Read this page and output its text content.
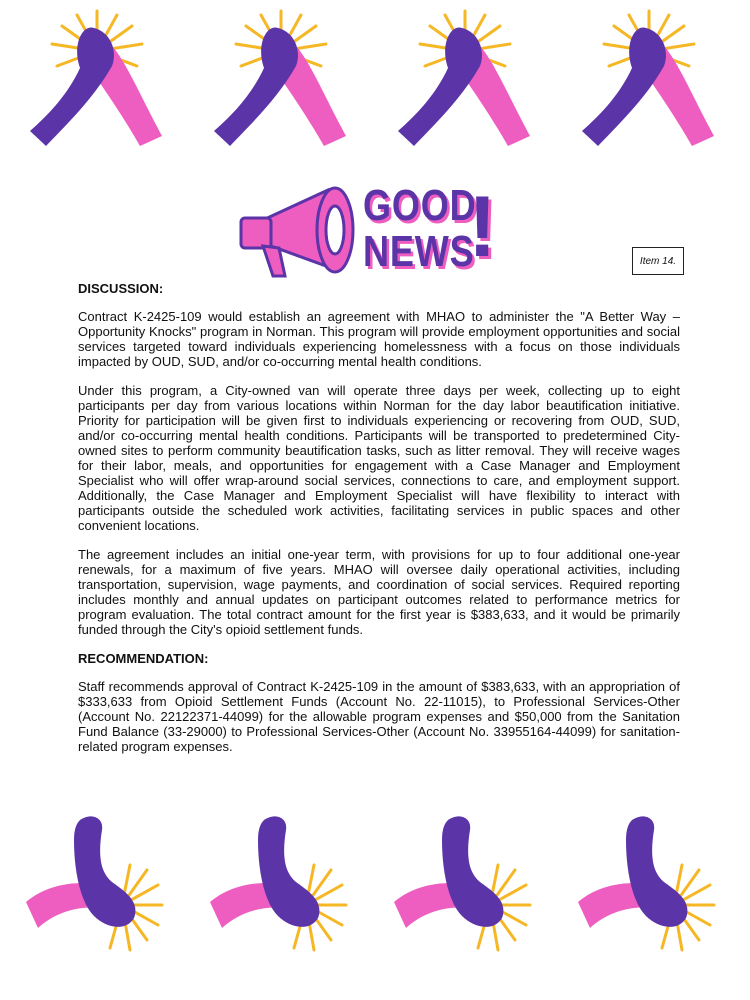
GOOD
NEWS
!	Item 14.
DISCUSSION:

Contract K-2425-109 would establish an agreement with MHAO to administer the "A Better Way – Opportunity Knocks" program in Norman. This program will provide employment opportunities and social services targeted toward individuals experiencing homelessness with a focus on those individuals impacted by OUD, SUD, and/or co-occurring mental health conditions.

Under this program, a City-owned van will operate three days per week, collecting up to eight participants per day from various locations within Norman for the day labor beautification initiative. Priority for participation will be given first to individuals experiencing or recovering from OUD, SUD, and/or co-occurring mental health conditions. Participants will be transported to predetermined City-owned sites to perform community beautification tasks, such as litter removal. They will receive wages for their labor, meals, and opportunities for engagement with a Case Manager and Employment Specialist who will offer wrap-around social services, connections to care, and employment support. Additionally, the Case Manager and Employment Specialist will have flexibility to interact with participants outside the scheduled work activities, facilitating services in public spaces and other convenient locations.

The agreement includes an initial one-year term, with provisions for up to four additional one-year renewals, for a maximum of five years. MHAO will oversee daily operational activities, including transportation, supervision, wage payments, and coordination of social services. Required reporting includes monthly and annual updates on participant outcomes related to performance metrics for program evaluation. The total contract amount for the first year is $383,633, and it would be primarily funded through the City's opioid settlement funds.

RECOMMENDATION:

Staff recommends approval of Contract K-2425-109 in the amount of $383,633, with an appropriation of $333,633 from Opioid Settlement Funds (Account No. 22-11015), to Professional Services-Other (Account No. 22122371-44099) for the allowable program expenses and $50,000 from the Sanitation Fund Balance (33-29000) to Professional Services-Other (Account No. 33955164-44099) for sanitation-related program expenses.
